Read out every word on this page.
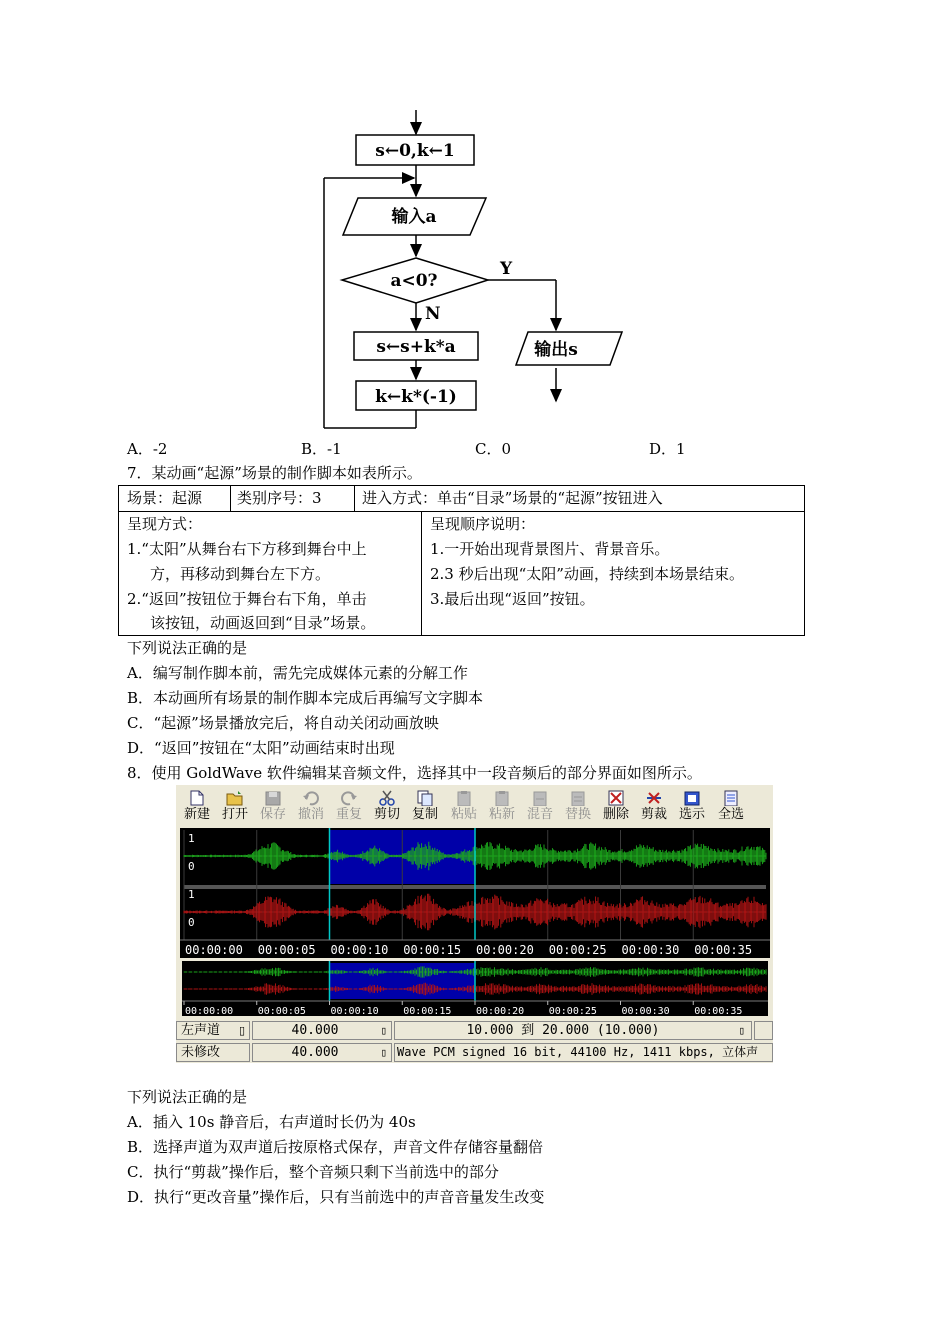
s←0,k←1
输入a
a<0?
Y
N
s←s+k*a
k←k*(-1)
输出s
A．-2	B．-1	C．0	D．1
7．某动画“起源”场景的制作脚本如表所示。
场景：起源 类别序号：3	进入方式：单击“目录”场景的“起源”按钮进入
呈现方式：
1.“太阳”从舞台右下方移到舞台中上
方，再移动到舞台左下方。
2.“返回”按钮位于舞台右下角，单击
该按钮，动画返回到“目录”场景。
呈现顺序说明：
1.一开始出现背景图片、背景音乐。
2.3 秒后出现“太阳”动画，持续到本场景结束。
3.最后出现“返回”按钮。
下列说法正确的是
A．编写制作脚本前，需先完成媒体元素的分解工作
B．本动画所有场景的制作脚本完成后再编写文字脚本
C．“起源”场景播放完后，将自动关闭动画放映
D．“返回”按钮在“太阳”动画结束时出现
8．使用 GoldWave 软件编辑某音频文件，选择其中一段音频后的部分界面如图所示。
新建 打开 保存 撤消 重复 剪切 复制 粘贴 粘新 混音 替换 删除 剪裁 选示 全选
1
0
1
0
00:00:00 00:00:05 00:00:10 00:00:15 00:00:20 00:00:25 00:00:30 00:00:35
00:00:00 00:00:05 00:00:10 00:00:15 00:00:20 00:00:25 00:00:30 00:00:35
左声道 ▯	40.000	▯	10.000 到 20.000 (10.000)	▯
未修改	40.000	▯ Wave PCM signed 16 bit, 44100 Hz, 1411 kbps, 立体声
下列说法正确的是
A．插入 10s 静音后，右声道时长仍为 40s
B．选择声道为双声道后按原格式保存，声音文件存储容量翻倍
C．执行“剪裁”操作后，整个音频只剩下当前选中的部分
D．执行“更改音量”操作后，只有当前选中的声音音量发生改变
